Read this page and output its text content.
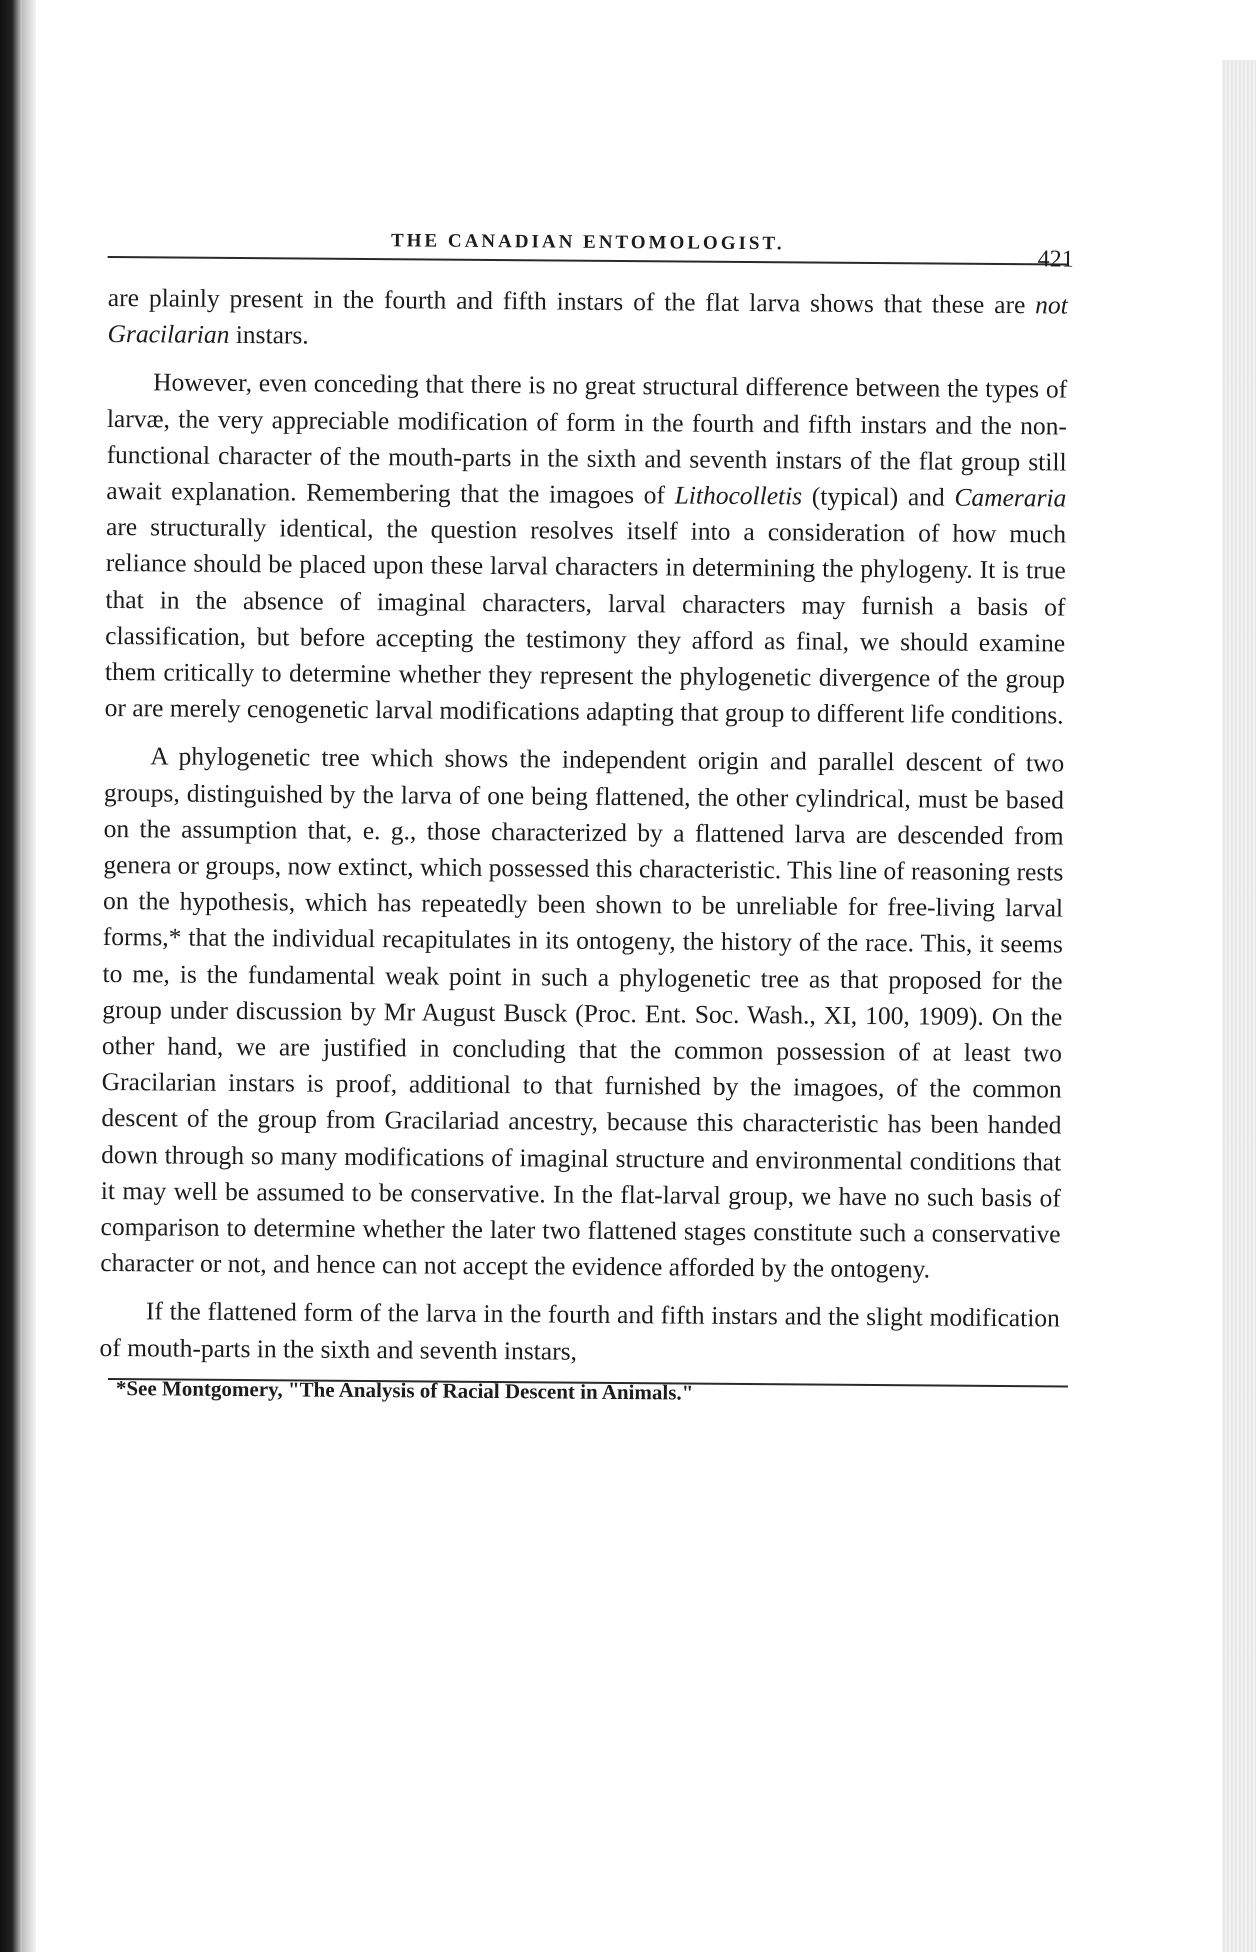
THE CANADIAN ENTOMOLOGIST.
421

are plainly present in the fourth and fifth instars of the flat larva shows that these are not Gracilarian instars.

However, even conceding that there is no great structural difference between the types of larvæ, the very appreciable modification of form in the fourth and fifth instars and the non-functional character of the mouth-parts in the sixth and seventh instars of the flat group still await explanation. Remembering that the imagoes of Lithocolletis (typical) and Cameraria are structurally identical, the question resolves itself into a consideration of how much reliance should be placed upon these larval characters in determining the phylogeny. It is true that in the absence of imaginal characters, larval characters may furnish a basis of classification, but before accepting the testimony they afford as final, we should examine them critically to determine whether they represent the phylogenetic divergence of the group or are merely cenogenetic larval modifications adapting that group to different life conditions.

A phylogenetic tree which shows the independent origin and parallel descent of two groups, distinguished by the larva of one being flattened, the other cylindrical, must be based on the assumption that, e. g., those characterized by a flattened larva are descended from genera or groups, now extinct, which possessed this characteristic. This line of reasoning rests on the hypothesis, which has repeatedly been shown to be unreliable for free-living larval forms,* that the individual recapitulates in its ontogeny, the history of the race. This, it seems to me, is the fundamental weak point in such a phylogenetic tree as that proposed for the group under discussion by Mr August Busck (Proc. Ent. Soc. Wash., XI, 100, 1909). On the other hand, we are justified in concluding that the common possession of at least two Gracilarian instars is proof, additional to that furnished by the imagoes, of the common descent of the group from Gracilariad ancestry, because this characteristic has been handed down through so many modifications of imaginal structure and environmental conditions that it may well be assumed to be conservative. In the flat-larval group, we have no such basis of comparison to determine whether the later two flattened stages constitute such a conservative character or not, and hence can not accept the evidence afforded by the ontogeny.

If the flattened form of the larva in the fourth and fifth instars and the slight modification of mouth-parts in the sixth and seventh instars,

*See Montgomery, "The Analysis of Racial Descent in Animals."
